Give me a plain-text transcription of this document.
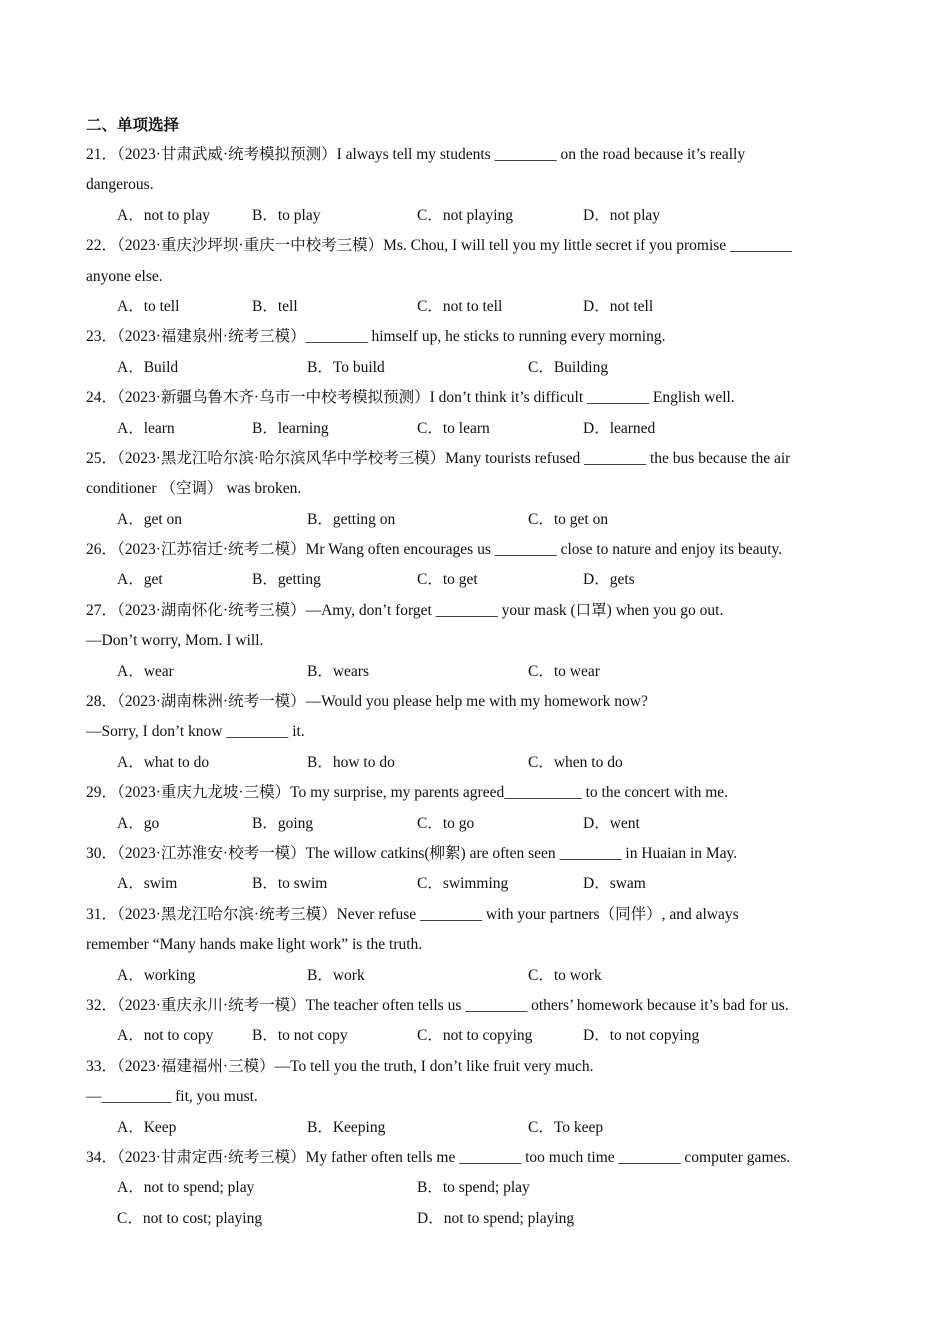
二、单项选择
21．（2023·甘肃武威·统考模拟预测）I always tell my students ________ on the road because it’s really
dangerous.
A．not to play	B．to play	C．not playing	D．not play
22．（2023·重庆沙坪坝·重庆一中校考三模）Ms. Chou, I will tell you my little secret if you promise ________
anyone else.
A．to tell	B．tell	C．not to tell	D．not tell
23．（2023·福建泉州·统考三模）________ himself up, he sticks to running every morning.
A．Build	B．To build	C．Building
24．（2023·新疆乌鲁木齐·乌市一中校考模拟预测）I don’t think it’s difficult ________ English well.
A．learn	B．learning	C．to learn	D．learned
25．（2023·黑龙江哈尔滨·哈尔滨风华中学校考三模）Many tourists refused ________ the bus because the air
conditioner （空调） was broken.
A．get on	B．getting on	C．to get on
26．（2023·江苏宿迁·统考二模）Mr Wang often encourages us ________ close to nature and enjoy its beauty.
A．get	B．getting	C．to get	D．gets
27．（2023·湖南怀化·统考三模）—Amy, don’t forget ________ your mask (口罩) when you go out.
—Don’t worry, Mom. I will.
A．wear	B．wears	C．to wear
28．（2023·湖南株洲·统考一模）—Would you please help me with my homework now?
—Sorry, I don’t know ________ it.
A．what to do	B．how to do	C．when to do
29．（2023·重庆九龙坡·三模）To my surprise, my parents agreed__________ to the concert with me.
A．go	B．going	C．to go	D．went
30．（2023·江苏淮安·校考一模）The willow catkins(柳絮) are often seen ________ in Huaian in May.
A．swim	B．to swim	C．swimming	D．swam
31．（2023·黑龙江哈尔滨·统考三模）Never refuse ________ with your partners（同伴）, and always
remember “Many hands make light work” is the truth.
A．working	B．work	C．to work
32．（2023·重庆永川·统考一模）The teacher often tells us ________ others’ homework because it’s bad for us.
A．not to copy B．to not copy	C．not to copying	D．to not copying
33．（2023·福建福州·三模）—To tell you the truth, I don’t like fruit very much.
—_________ fit, you must.
A．Keep	B．Keeping	C．To keep
34．（2023·甘肃定西·统考三模）My father often tells me ________ too much time ________ computer games.
A．not to spend; play	B．to spend; play
C．not to cost; playing	D．not to spend; playing
